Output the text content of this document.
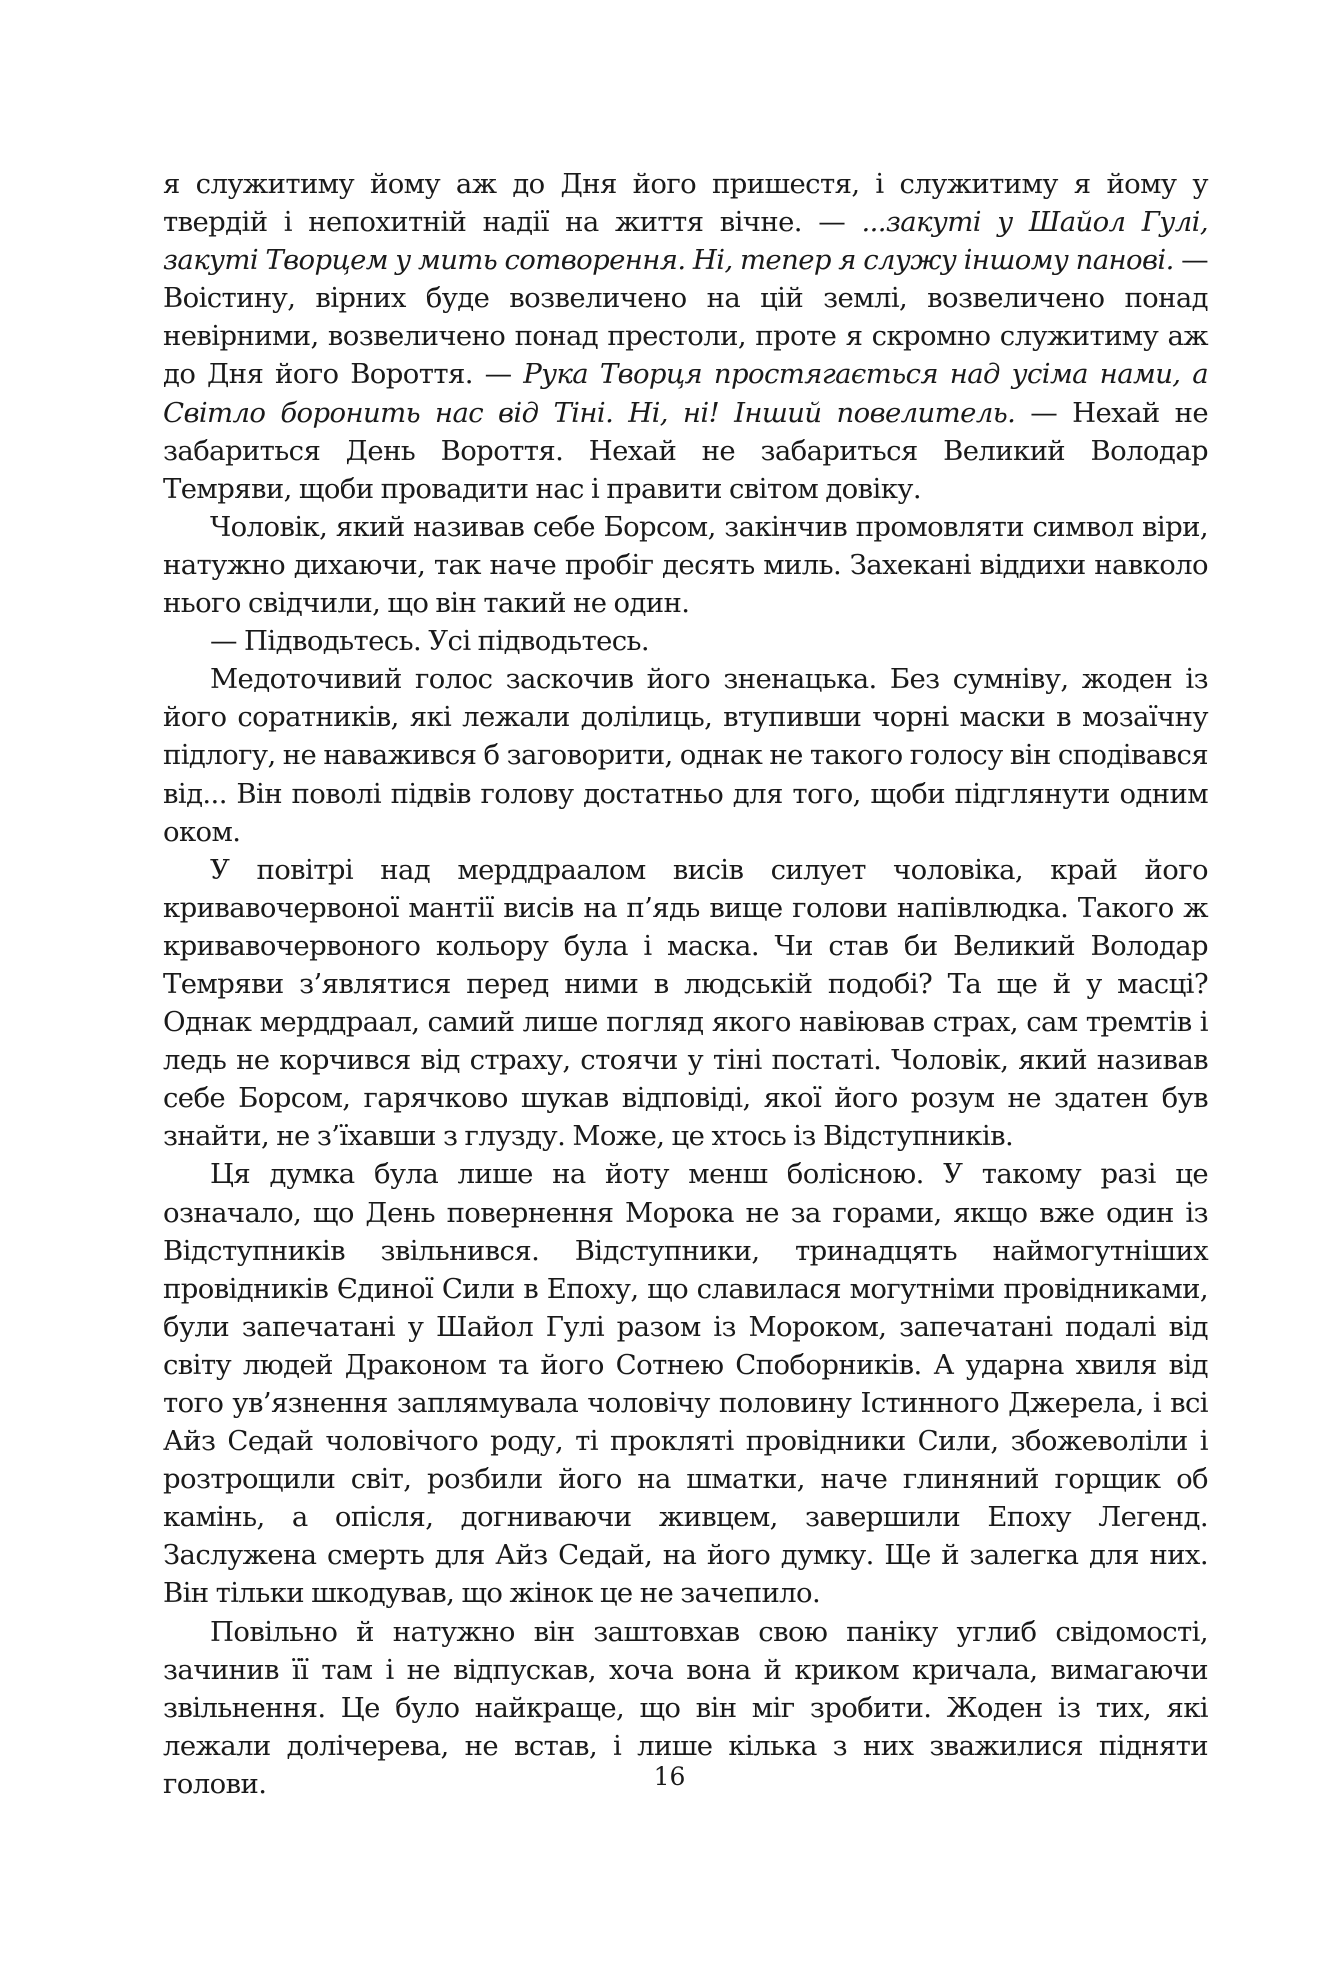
я служитиму йому аж до Дня його пришестя, і служитиму я йому у твердій і непохитній надії на життя вічне. — ...закуті у Шайол Гулі, закуті Творцем у мить сотворення. Ні, тепер я служу іншому панові. — Воістину, вірних буде возвеличено на цій землі, возвеличено понад невірними, возвеличено понад престоли, проте я скромно служитиму аж до Дня його Вороття. — Рука Творця простягається над усіма нами, а Світло боронить нас від Тіні. Ні, ні! Інший повелитель. — Нехай не забариться День Вороття. Нехай не забариться Великий Володар Темряви, щоби провадити нас і правити світом довіку.

Чоловік, який називав себе Борсом, закінчив промовляти символ віри, натужно дихаючи, так наче пробіг десять миль. Захекані віддихи навколо нього свідчили, що він такий не один.

— Підводьтесь. Усі підводьтесь.

Медоточивий голос заскочив його зненацька. Без сумніву, жоден із його соратників, які лежали долілиць, втупивши чорні маски в мозаїчну підлогу, не наважився б заговорити, однак не такого голосу він сподівався від... Він поволі підвів голову достатньо для того, щоби підглянути одним оком.

У повітрі над мерддраалом висів силует чоловіка, край його кривавочервоної мантії висів на п’ядь вище голови напівлюдка. Такого ж кривавочервоного кольору була і маска. Чи став би Великий Володар Темряви з’являтися перед ними в людській подобі? Та ще й у масці? Однак мерддраал, самий лише погляд якого навіював страх, сам тремтів і ледь не корчився від страху, стоячи у тіні постаті. Чоловік, який називав себе Борсом, гарячково шукав відповіді, якої його розум не здатен був знайти, не з’їхавши з глузду. Може, це хтось із Відступників.

Ця думка була лише на йоту менш болісною. У такому разі це означало, що День повернення Морока не за горами, якщо вже один із Відступників звільнився. Відступники, тринадцять наймогутніших провідників Єдиної Сили в Епоху, що славилася могутніми провідниками, були запечатані у Шайол Гулі разом із Мороком, запечатані подалі від світу людей Драконом та його Сотнею Споборників. А ударна хвиля від того ув’язнення заплямувала чоловічу половину Істинного Джерела, і всі Айз Седай чоловічого роду, ті прокляті провідники Сили, збожеволіли і розтрощили світ, розбили його на шматки, наче глиняний горщик об камінь, а опісля, догниваючи живцем, завершили Епоху Легенд. Заслужена смерть для Айз Седай, на його думку. Ще й залегка для них. Він тільки шкодував, що жінок це не зачепило.

Повільно й натужно він заштовхав свою паніку углиб свідомості, зачинив її там і не відпускав, хоча вона й криком кричала, вимагаючи звільнення. Це було найкраще, що він міг зробити. Жоден із тих, які лежали долічерева, не встав, і лише кілька з них зважилися підняти голови.	16
